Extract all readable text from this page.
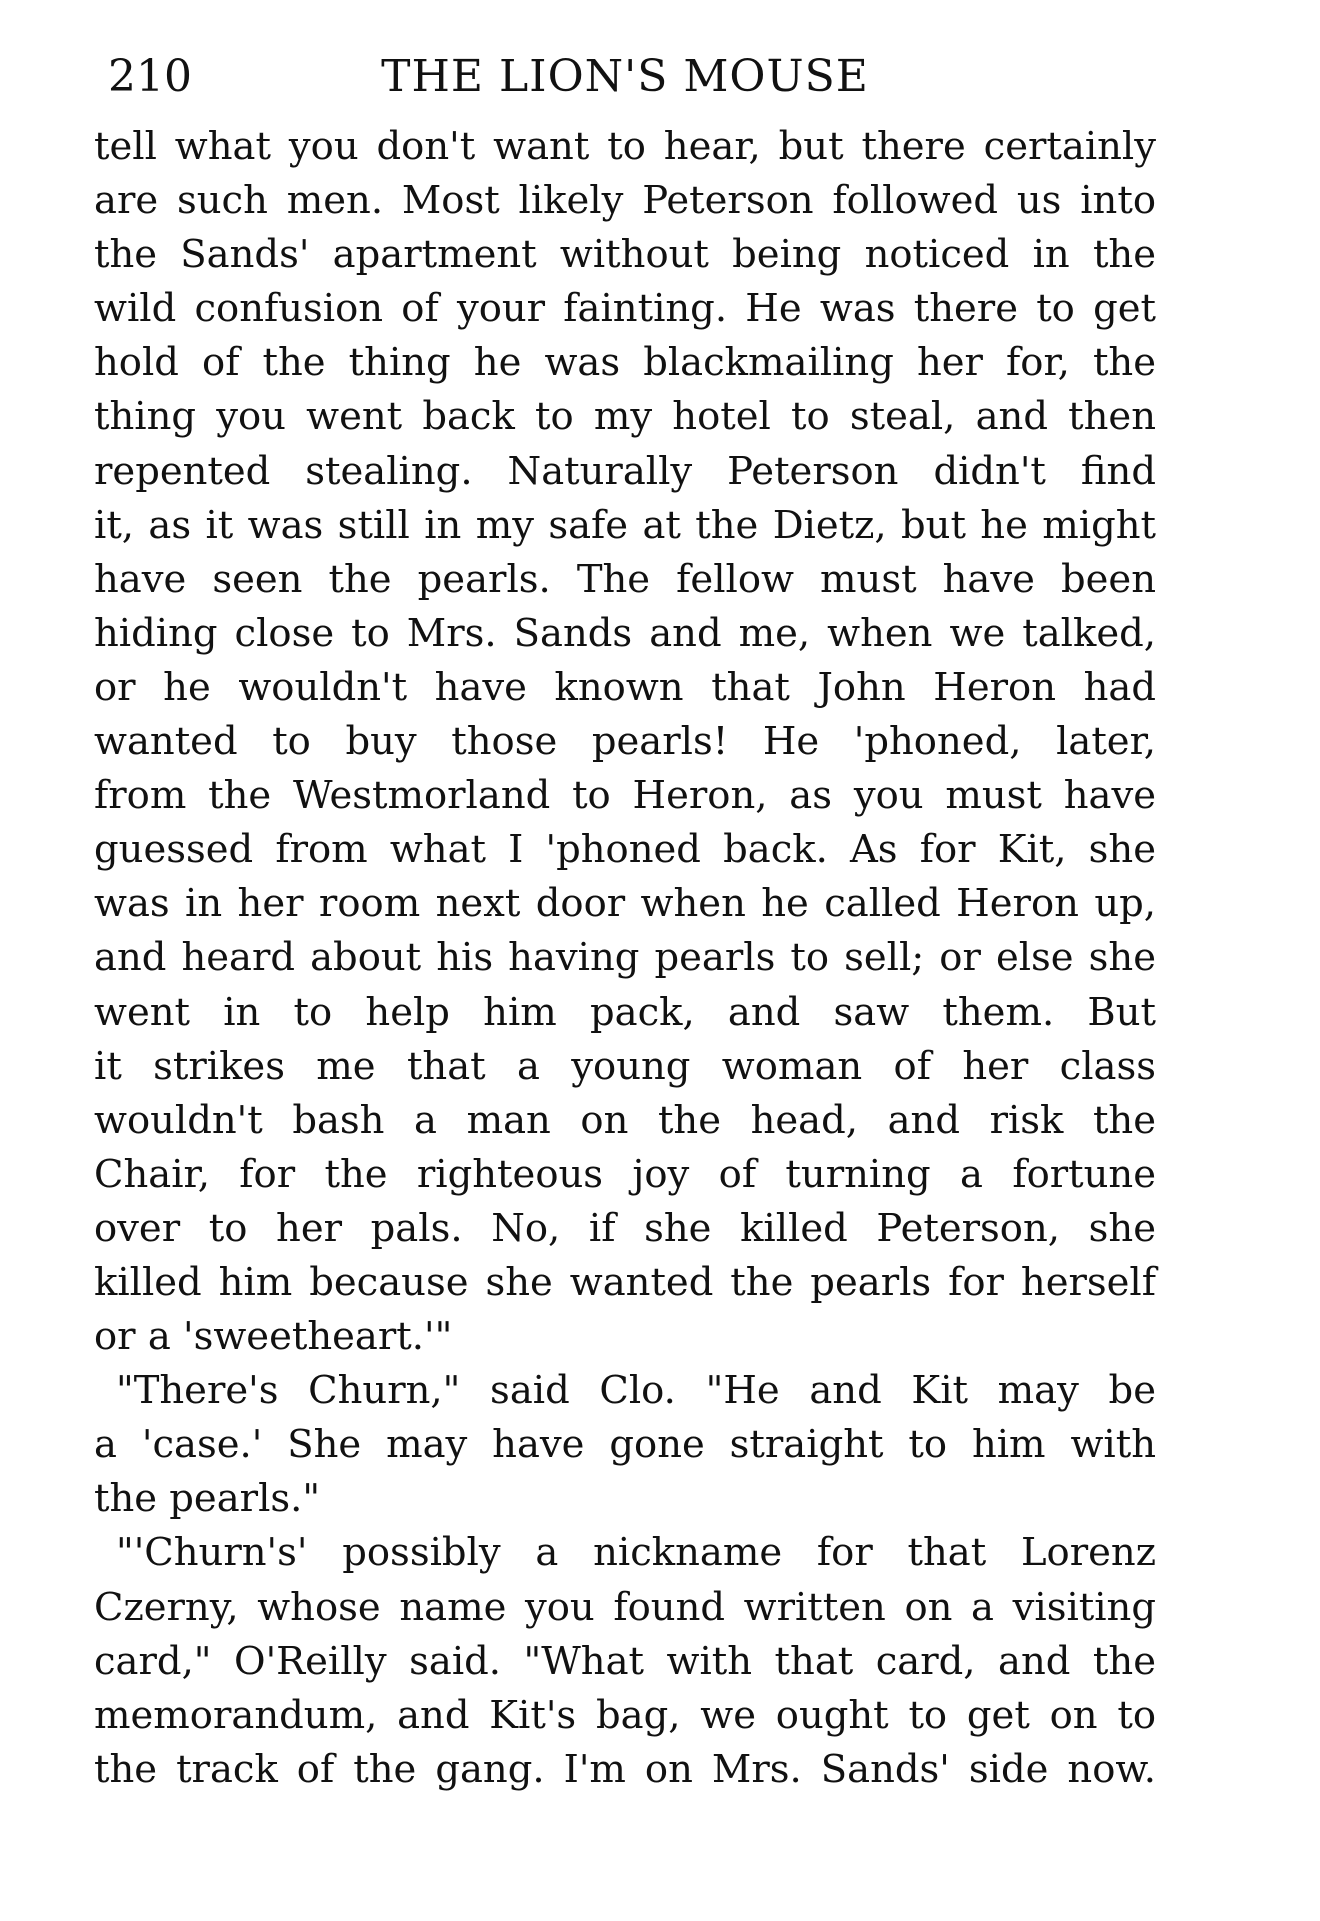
210	THE LION'S MOUSE
tell what you don't want to hear, but there certainly
are such men. Most likely Peterson followed us into
the Sands' apartment without being noticed in the
wild confusion of your fainting. He was there to get
hold of the thing he was blackmailing her for, the
thing you went back to my hotel to steal, and then
repented stealing. Naturally Peterson didn't find
it, as it was still in my safe at the Dietz, but he might
have seen the pearls. The fellow must have been
hiding close to Mrs. Sands and me, when we talked,
or he wouldn't have known that John Heron had
wanted to buy those pearls! He 'phoned, later,
from the Westmorland to Heron, as you must have
guessed from what I 'phoned back. As for Kit, she
was in her room next door when he called Heron up,
and heard about his having pearls to sell; or else she
went in to help him pack, and saw them. But
it strikes me that a young woman of her class
wouldn't bash a man on the head, and risk the
Chair, for the righteous joy of turning a fortune
over to her pals. No, if she killed Peterson, she
killed him because she wanted the pearls for herself
or a 'sweetheart.'"
"There's Churn," said Clo. "He and Kit may be
a 'case.' She may have gone straight to him with
the pearls."
"'Churn's' possibly a nickname for that Lorenz
Czerny, whose name you found written on a visiting
card," O'Reilly said. "What with that card, and the
memorandum, and Kit's bag, we ought to get on to
the track of the gang. I'm on Mrs. Sands' side now.
